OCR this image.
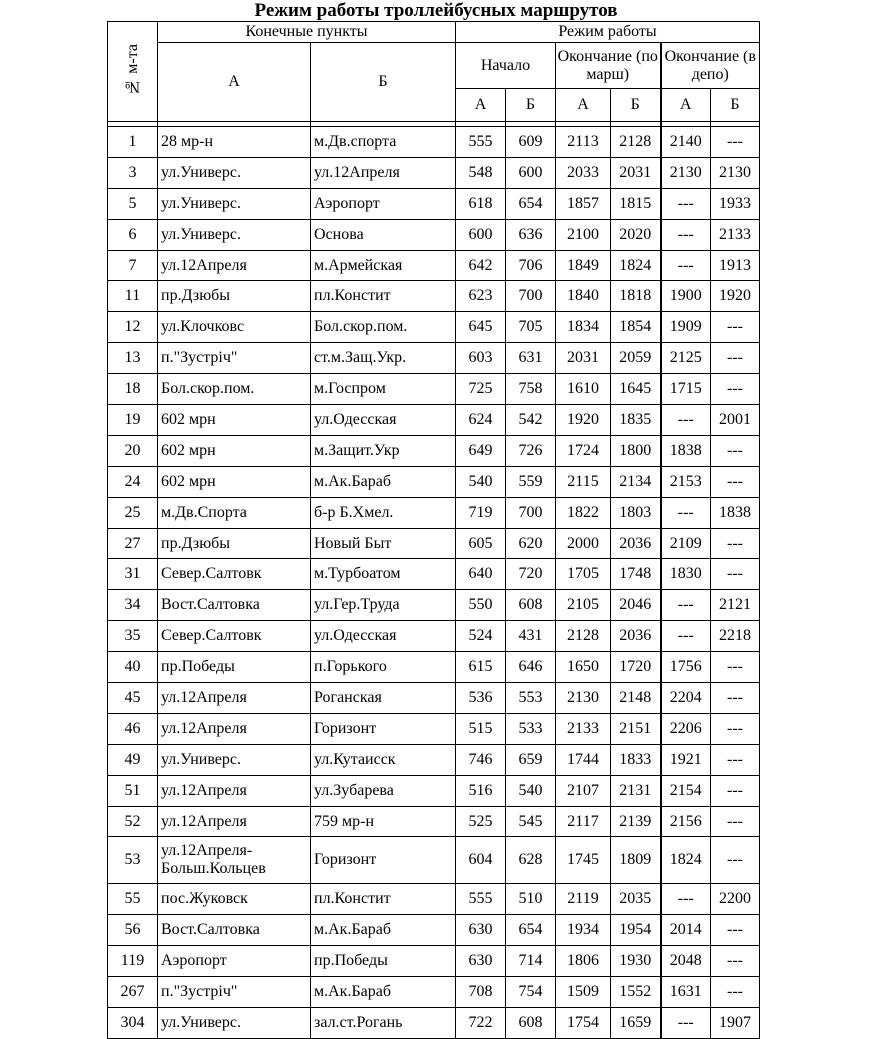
Режим работы троллейбусных маршрутов
№ м-та	Конечные пункты		Режим работы					
	А	Б	Начало		Окончание (по марш)		Окончание (в депо)	
			А	Б	А	Б	А	Б

1	28 мр-н	м.Дв.спорта	555	609	2113	2128	2140	---
3	ул.Универс.	ул.12Апреля	548	600	2033	2031	2130	2130
5	ул.Универс.	Аэропорт	618	654	1857	1815	---	1933
6	ул.Универс.	Основа	600	636	2100	2020	---	2133
7	ул.12Апреля	м.Армейская	642	706	1849	1824	---	1913
11	пр.Дзюбы	пл.Констит	623	700	1840	1818	1900	1920
12	ул.Клочковс	Бол.скор.пом.	645	705	1834	1854	1909	---
13	п."Зустріч"	ст.м.Защ.Укр.	603	631	2031	2059	2125	---
18	Бол.скор.пом.	м.Госпром	725	758	1610	1645	1715	---
19	602 мрн	ул.Одесская	624	542	1920	1835	---	2001
20	602 мрн	м.Защит.Укр	649	726	1724	1800	1838	---
24	602 мрн	м.Ак.Бараб	540	559	2115	2134	2153	---
25	м.Дв.Спорта	б-р Б.Хмел.	719	700	1822	1803	---	1838
27	пр.Дзюбы	Новый Быт	605	620	2000	2036	2109	---
31	Север.Салтовк	м.Турбоатом	640	720	1705	1748	1830	---
34	Вост.Салтовка	ул.Гер.Труда	550	608	2105	2046	---	2121
35	Север.Салтовк	ул.Одесская	524	431	2128	2036	---	2218
40	пр.Победы	п.Горького	615	646	1650	1720	1756	---
45	ул.12Апреля	Роганская	536	553	2130	2148	2204	---
46	ул.12Апреля	Горизонт	515	533	2133	2151	2206	---
49	ул.Универс.	ул.Кутаисск	746	659	1744	1833	1921	---
51	ул.12Апреля	ул.Зубарева	516	540	2107	2131	2154	---
52	ул.12Апреля	759 мр-н	525	545	2117	2139	2156	---
53	ул.12Апреля-Больш.Кольцев	Горизонт	604	628	1745	1809	1824	---
55	пос.Жуковск	пл.Констит	555	510	2119	2035	---	2200
56	Вост.Салтовка	м.Ак.Бараб	630	654	1934	1954	2014	---
119	Аэропорт	пр.Победы	630	714	1806	1930	2048	---
267	п."Зустріч"	м.Ак.Бараб	708	754	1509	1552	1631	---
304	ул.Универс.	зал.ст.Рогань	722	608	1754	1659	---	1907
